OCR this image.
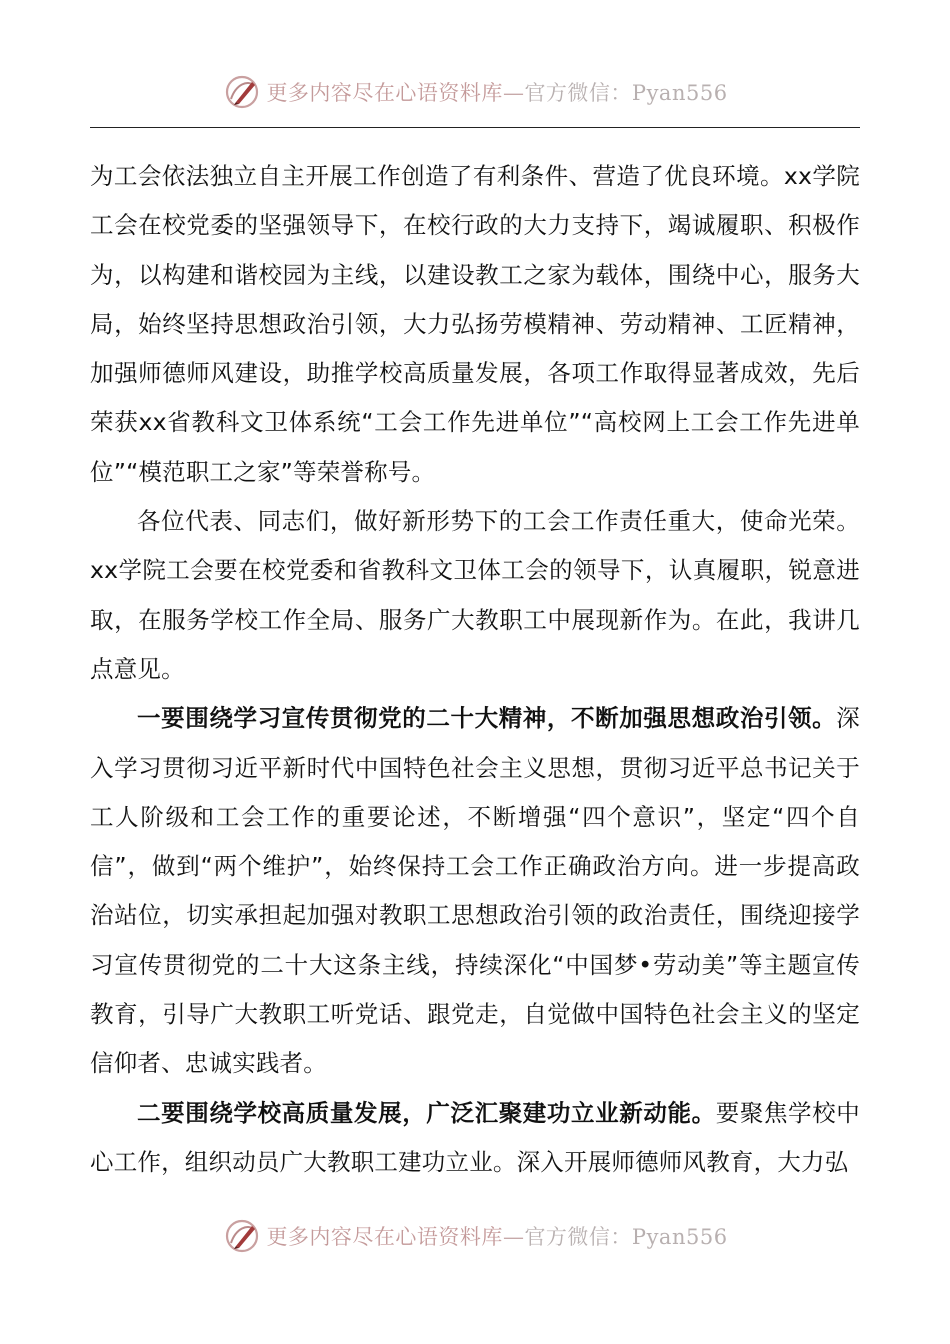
更多内容尽在心语资料库—官方微信：Pyan556

为工会依法独立自主开展工作创造了有利条件、营造了优良环境。xx学院工会在校党委的坚强领导下，在校行政的大力支持下，竭诚履职、积极作为，以构建和谐校园为主线，以建设教工之家为载体，围绕中心，服务大局，始终坚持思想政治引领，大力弘扬劳模精神、劳动精神、工匠精神，加强师德师风建设，助推学校高质量发展，各项工作取得显著成效，先后荣获xx省教科文卫体系统“工会工作先进单位”“高校网上工会工作先进单位”“模范职工之家”等荣誉称号。

各位代表、同志们，做好新形势下的工会工作责任重大，使命光荣。xx学院工会要在校党委和省教科文卫体工会的领导下，认真履职，锐意进取，在服务学校工作全局、服务广大教职工中展现新作为。在此，我讲几点意见。

一要围绕学习宣传贯彻党的二十大精神，不断加强思想政治引领。深入学习贯彻习近平新时代中国特色社会主义思想，贯彻习近平总书记关于工人阶级和工会工作的重要论述，不断增强“四个意识”，坚定“四个自信”，做到“两个维护”，始终保持工会工作正确政治方向。进一步提高政治站位，切实承担起加强对教职工思想政治引领的政治责任，围绕迎接学习宣传贯彻党的二十大这条主线，持续深化“中国梦•劳动美”等主题宣传教育，引导广大教职工听党话、跟党走，自觉做中国特色社会主义的坚定信仰者、忠诚实践者。

二要围绕学校高质量发展，广泛汇聚建功立业新动能。要聚焦学校中心工作，组织动员广大教职工建功立业。深入开展师德师风教育，大力弘

更多内容尽在心语资料库—官方微信：Pyan556
